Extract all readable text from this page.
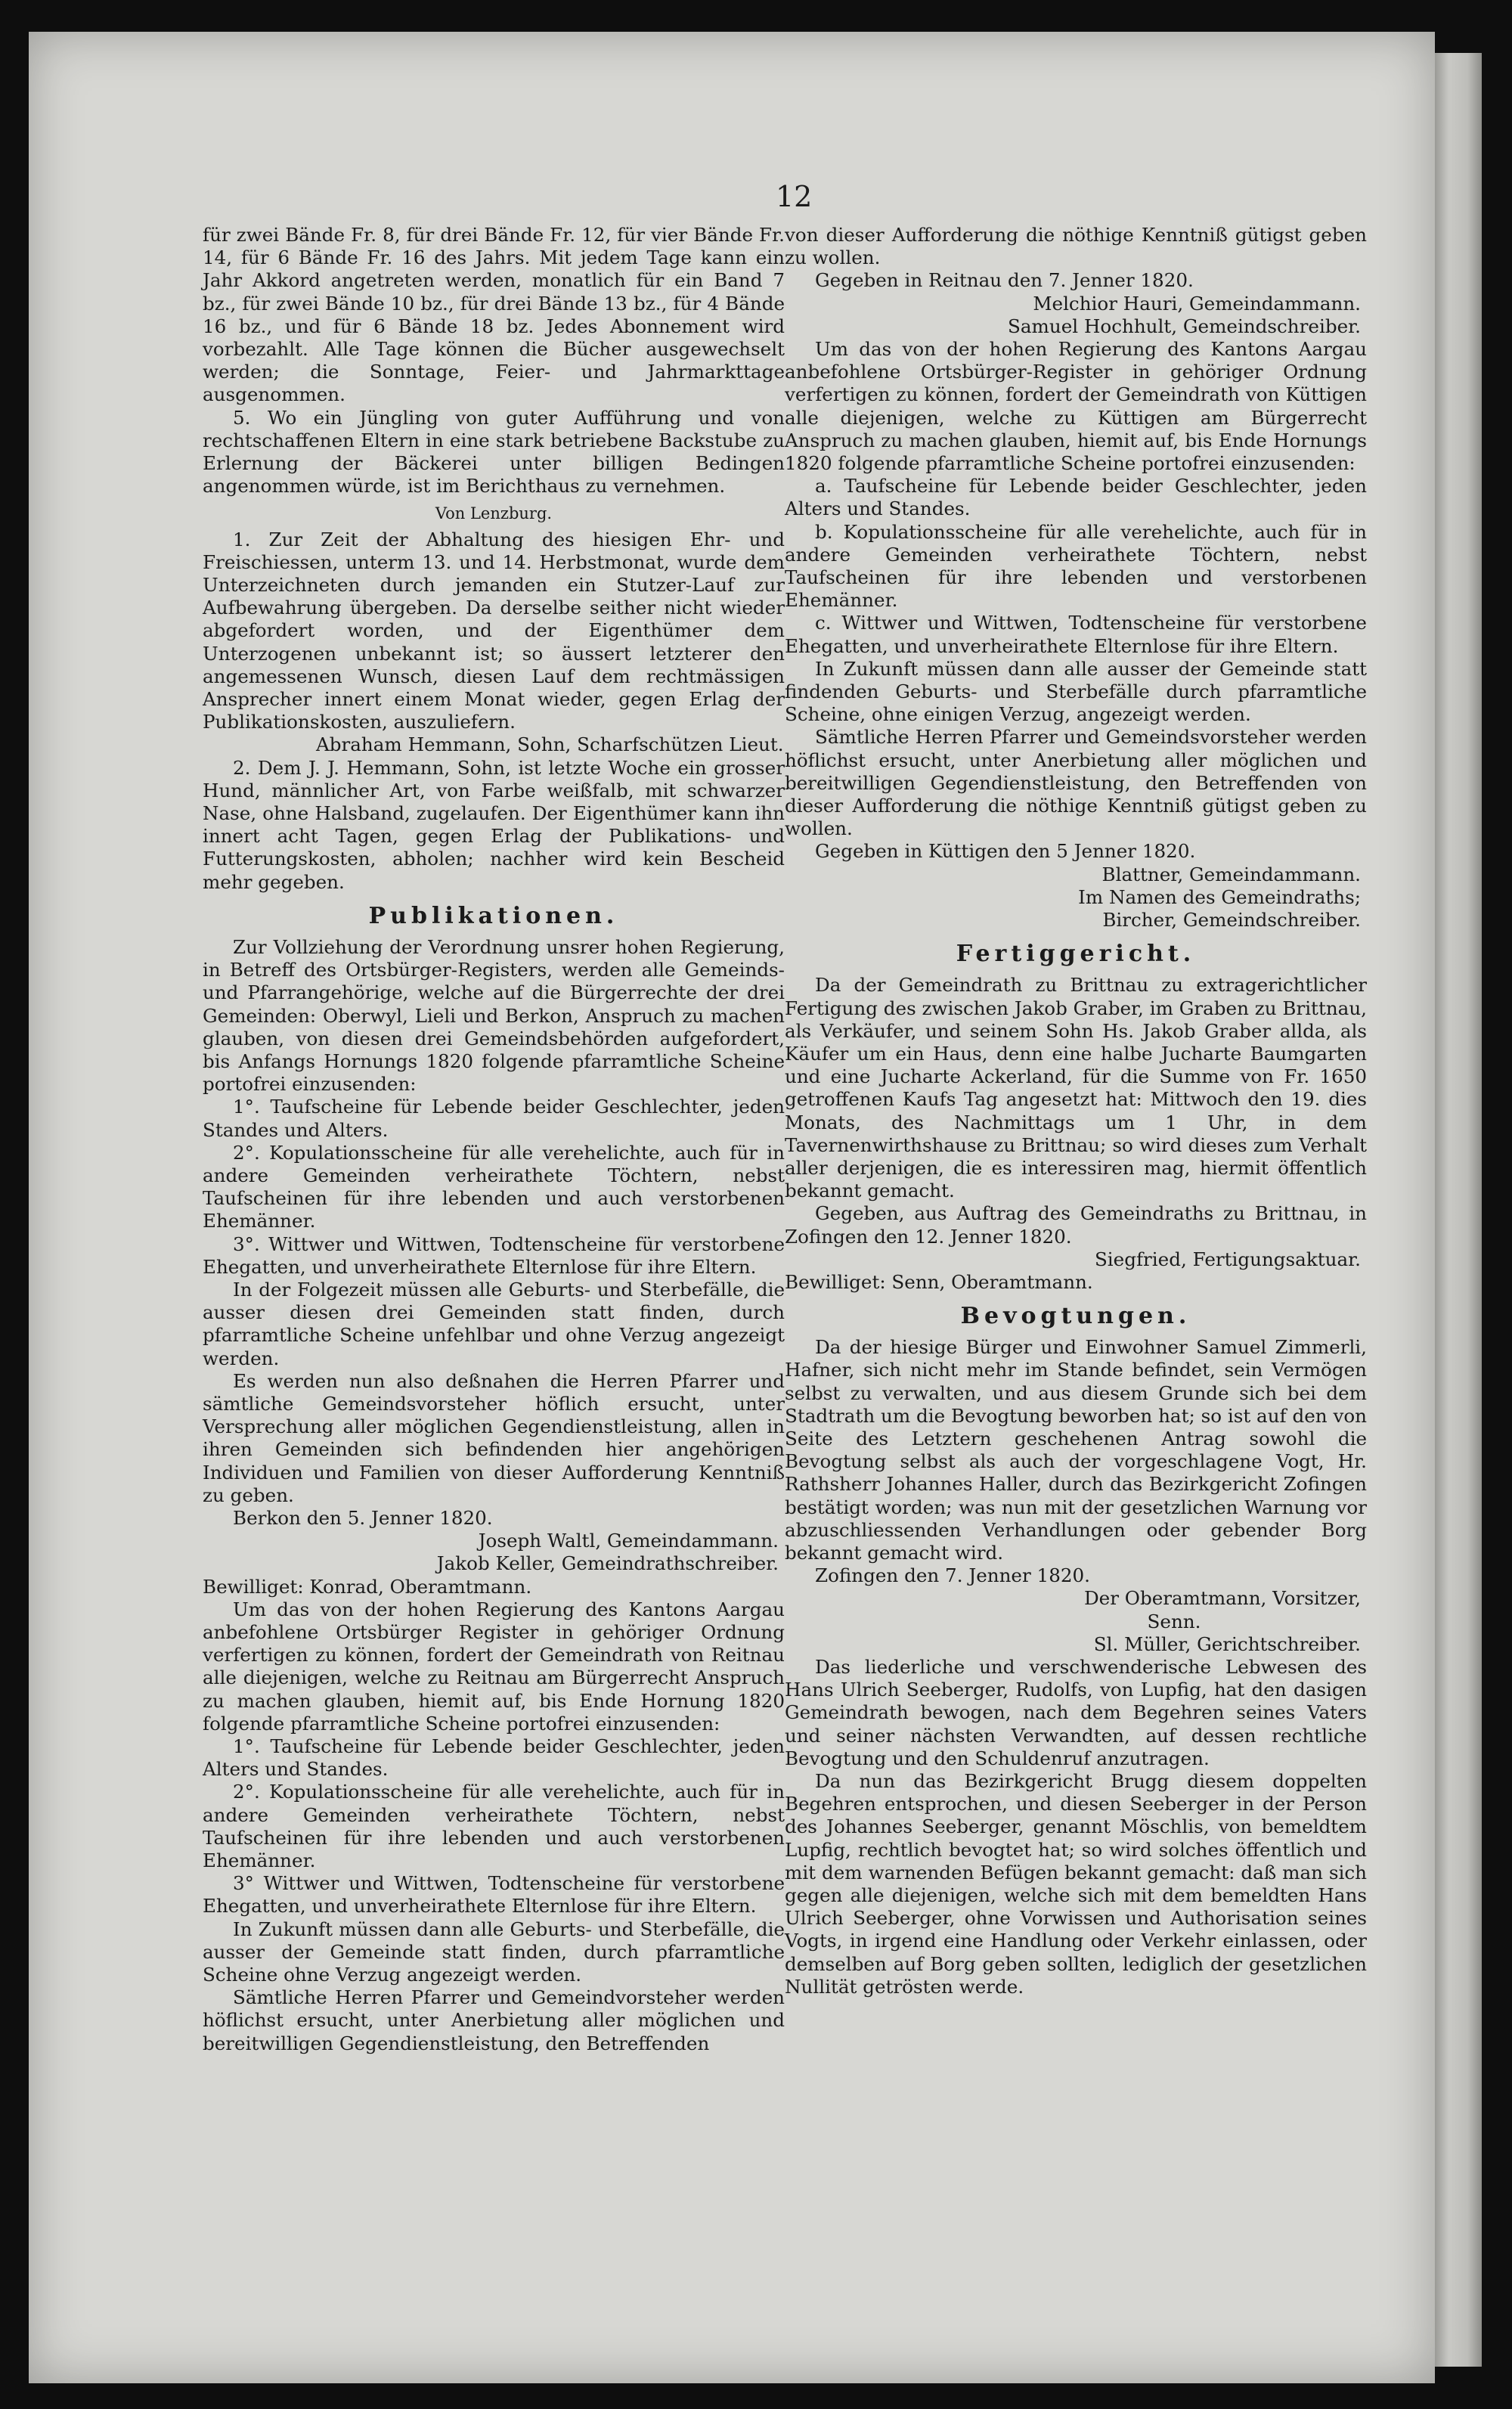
12

für zwei Bände Fr. 8, für drei Bände Fr. 12, für vier Bände Fr. 14, für 6 Bände Fr. 16 des Jahrs. Mit jedem Tage kann ein Jahr Akkord angetreten werden, monatlich für ein Band 7 bz., für zwei Bände 10 bz., für drei Bände 13 bz., für 4 Bände 16 bz., und für 6 Bände 18 bz. Jedes Abonnement wird vorbezahlt. Alle Tage können die Bücher ausgewechselt werden; die Sonntage, Feier- und Jahrmarkttage ausgenommen.

5. Wo ein Jüngling von guter Aufführung und von rechtschaffenen Eltern in eine stark betriebene Backstube zu Erlernung der Bäckerei unter billigen Bedingen angenommen würde, ist im Berichthaus zu vernehmen.

Von Lenzburg.

1. Zur Zeit der Abhaltung des hiesigen Ehr- und Freischiessen, unterm 13. und 14. Herbstmonat, wurde dem Unterzeichneten durch jemanden ein Stutzer-Lauf zur Aufbewahrung übergeben. Da derselbe seither nicht wieder abgefordert worden, und der Eigenthümer dem Unterzogenen unbekannt ist; so äussert letzterer den angemessenen Wunsch, diesen Lauf dem rechtmässigen Ansprecher innert einem Monat wieder, gegen Erlag der Publikationskosten, auszuliefern.

Abraham Hemmann, Sohn, Scharfschützen Lieut.

2. Dem J. J. Hemmann, Sohn, ist letzte Woche ein grosser Hund, männlicher Art, von Farbe weißfalb, mit schwarzer Nase, ohne Halsband, zugelaufen. Der Eigenthümer kann ihn innert acht Tagen, gegen Erlag der Publikations- und Futterungskosten, abholen; nachher wird kein Bescheid mehr gegeben.

Publikationen.

Zur Vollziehung der Verordnung unsrer hohen Regierung, in Betreff des Ortsbürger-Registers, werden alle Gemeinds- und Pfarrangehörige, welche auf die Bürgerrechte der drei Gemeinden: Oberwyl, Lieli und Berkon, Anspruch zu machen glauben, von diesen drei Gemeindsbehörden aufgefordert, bis Anfangs Hornungs 1820 folgende pfarramtliche Scheine portofrei einzusenden:

1°. Taufscheine für Lebende beider Geschlechter, jeden Standes und Alters.

2°. Kopulationsscheine für alle verehelichte, auch für in andere Gemeinden verheirathete Töchtern, nebst Taufscheinen für ihre lebenden und auch verstorbenen Ehemänner.

3°. Wittwer und Wittwen, Todtenscheine für verstorbene Ehegatten, und unverheirathete Elternlose für ihre Eltern.

In der Folgezeit müssen alle Geburts- und Sterbefälle, die ausser diesen drei Gemeinden statt finden, durch pfarramtliche Scheine unfehlbar und ohne Verzug angezeigt werden.

Es werden nun also deßnahen die Herren Pfarrer und sämtliche Gemeindsvorsteher höflich ersucht, unter Versprechung aller möglichen Gegendienstleistung, allen in ihren Gemeinden sich befindenden hier angehörigen Individuen und Familien von dieser Aufforderung Kenntniß zu geben.

Berkon den 5. Jenner 1820.

Joseph Waltl, Gemeindammann.

Jakob Keller, Gemeindrathschreiber.

Bewilliget: Konrad, Oberamtmann.

Um das von der hohen Regierung des Kantons Aargau anbefohlene Ortsbürger Register in gehöriger Ordnung verfertigen zu können, fordert der Gemeindrath von Reitnau alle diejenigen, welche zu Reitnau am Bürgerrecht Anspruch zu machen glauben, hiemit auf, bis Ende Hornung 1820 folgende pfarramtliche Scheine portofrei einzusenden:

1°. Taufscheine für Lebende beider Geschlechter, jeden Alters und Standes.

2°. Kopulationsscheine für alle verehelichte, auch für in andere Gemeinden verheirathete Töchtern, nebst Taufscheinen für ihre lebenden und auch verstorbenen Ehemänner.

3° Wittwer und Wittwen, Todtenscheine für verstorbene Ehegatten, und unverheirathete Elternlose für ihre Eltern.

In Zukunft müssen dann alle Geburts- und Sterbefälle, die ausser der Gemeinde statt finden, durch pfarramtliche Scheine ohne Verzug angezeigt werden.

Sämtliche Herren Pfarrer und Gemeindvorsteher werden höflichst ersucht, unter Anerbietung aller möglichen und bereitwilligen Gegendienstleistung, den Betreffenden

von dieser Aufforderung die nöthige Kenntniß gütigst geben zu wollen.

Gegeben in Reitnau den 7. Jenner 1820.

Melchior Hauri, Gemeindammann.

Samuel Hochhult, Gemeindschreiber.

Um das von der hohen Regierung des Kantons Aargau anbefohlene Ortsbürger-Register in gehöriger Ordnung verfertigen zu können, fordert der Gemeindrath von Küttigen alle diejenigen, welche zu Küttigen am Bürgerrecht Anspruch zu machen glauben, hiemit auf, bis Ende Hornungs 1820 folgende pfarramtliche Scheine portofrei einzusenden:

a. Taufscheine für Lebende beider Geschlechter, jeden Alters und Standes.

b. Kopulationsscheine für alle verehelichte, auch für in andere Gemeinden verheirathete Töchtern, nebst Taufscheinen für ihre lebenden und verstorbenen Ehemänner.

c. Wittwer und Wittwen, Todtenscheine für verstorbene Ehegatten, und unverheirathete Elternlose für ihre Eltern.

In Zukunft müssen dann alle ausser der Gemeinde statt findenden Geburts- und Sterbefälle durch pfarramtliche Scheine, ohne einigen Verzug, angezeigt werden.

Sämtliche Herren Pfarrer und Gemeindsvorsteher werden höflichst ersucht, unter Anerbietung aller möglichen und bereitwilligen Gegendienstleistung, den Betreffenden von dieser Aufforderung die nöthige Kenntniß gütigst geben zu wollen.

Gegeben in Küttigen den 5 Jenner 1820.

Blattner, Gemeindammann.

Im Namen des Gemeindraths;

Bircher, Gemeindschreiber.

Fertiggericht.

Da der Gemeindrath zu Brittnau zu extragerichtlicher Fertigung des zwischen Jakob Graber, im Graben zu Brittnau, als Verkäufer, und seinem Sohn Hs. Jakob Graber allda, als Käufer um ein Haus, denn eine halbe Jucharte Baumgarten und eine Jucharte Ackerland, für die Summe von Fr. 1650 getroffenen Kaufs Tag angesetzt hat: Mittwoch den 19. dies Monats, des Nachmittags um 1 Uhr, in dem Tavernenwirthshause zu Brittnau; so wird dieses zum Verhalt aller derjenigen, die es interessiren mag, hiermit öffentlich bekannt gemacht.

Gegeben, aus Auftrag des Gemeindraths zu Brittnau, in Zofingen den 12. Jenner 1820.

Siegfried, Fertigungsaktuar.

Bewilliget: Senn, Oberamtmann.

Bevogtungen.

Da der hiesige Bürger und Einwohner Samuel Zimmerli, Hafner, sich nicht mehr im Stande befindet, sein Vermögen selbst zu verwalten, und aus diesem Grunde sich bei dem Stadtrath um die Bevogtung beworben hat; so ist auf den von Seite des Letztern geschehenen Antrag sowohl die Bevogtung selbst als auch der vorgeschlagene Vogt, Hr. Rathsherr Johannes Haller, durch das Bezirkgericht Zofingen bestätigt worden; was nun mit der gesetzlichen Warnung vor abzuschliessenden Verhandlungen oder gebender Borg bekannt gemacht wird.

Zofingen den 7. Jenner 1820.

Der Oberamtmann, Vorsitzer,

Senn.

Sl. Müller, Gerichtschreiber.

Das liederliche und verschwenderische Lebwesen des Hans Ulrich Seeberger, Rudolfs, von Lupfig, hat den dasigen Gemeindrath bewogen, nach dem Begehren seines Vaters und seiner nächsten Verwandten, auf dessen rechtliche Bevogtung und den Schuldenruf anzutragen.

Da nun das Bezirkgericht Brugg diesem doppelten Begehren entsprochen, und diesen Seeberger in der Person des Johannes Seeberger, genannt Möschlis, von bemeldtem Lupfig, rechtlich bevogtet hat; so wird solches öffentlich und mit dem warnenden Befügen bekannt gemacht: daß man sich gegen alle diejenigen, welche sich mit dem bemeldten Hans Ulrich Seeberger, ohne Vorwissen und Authorisation seines Vogts, in irgend eine Handlung oder Verkehr einlassen, oder demselben auf Borg geben sollten, lediglich der gesetzlichen Nullität getrösten werde.
